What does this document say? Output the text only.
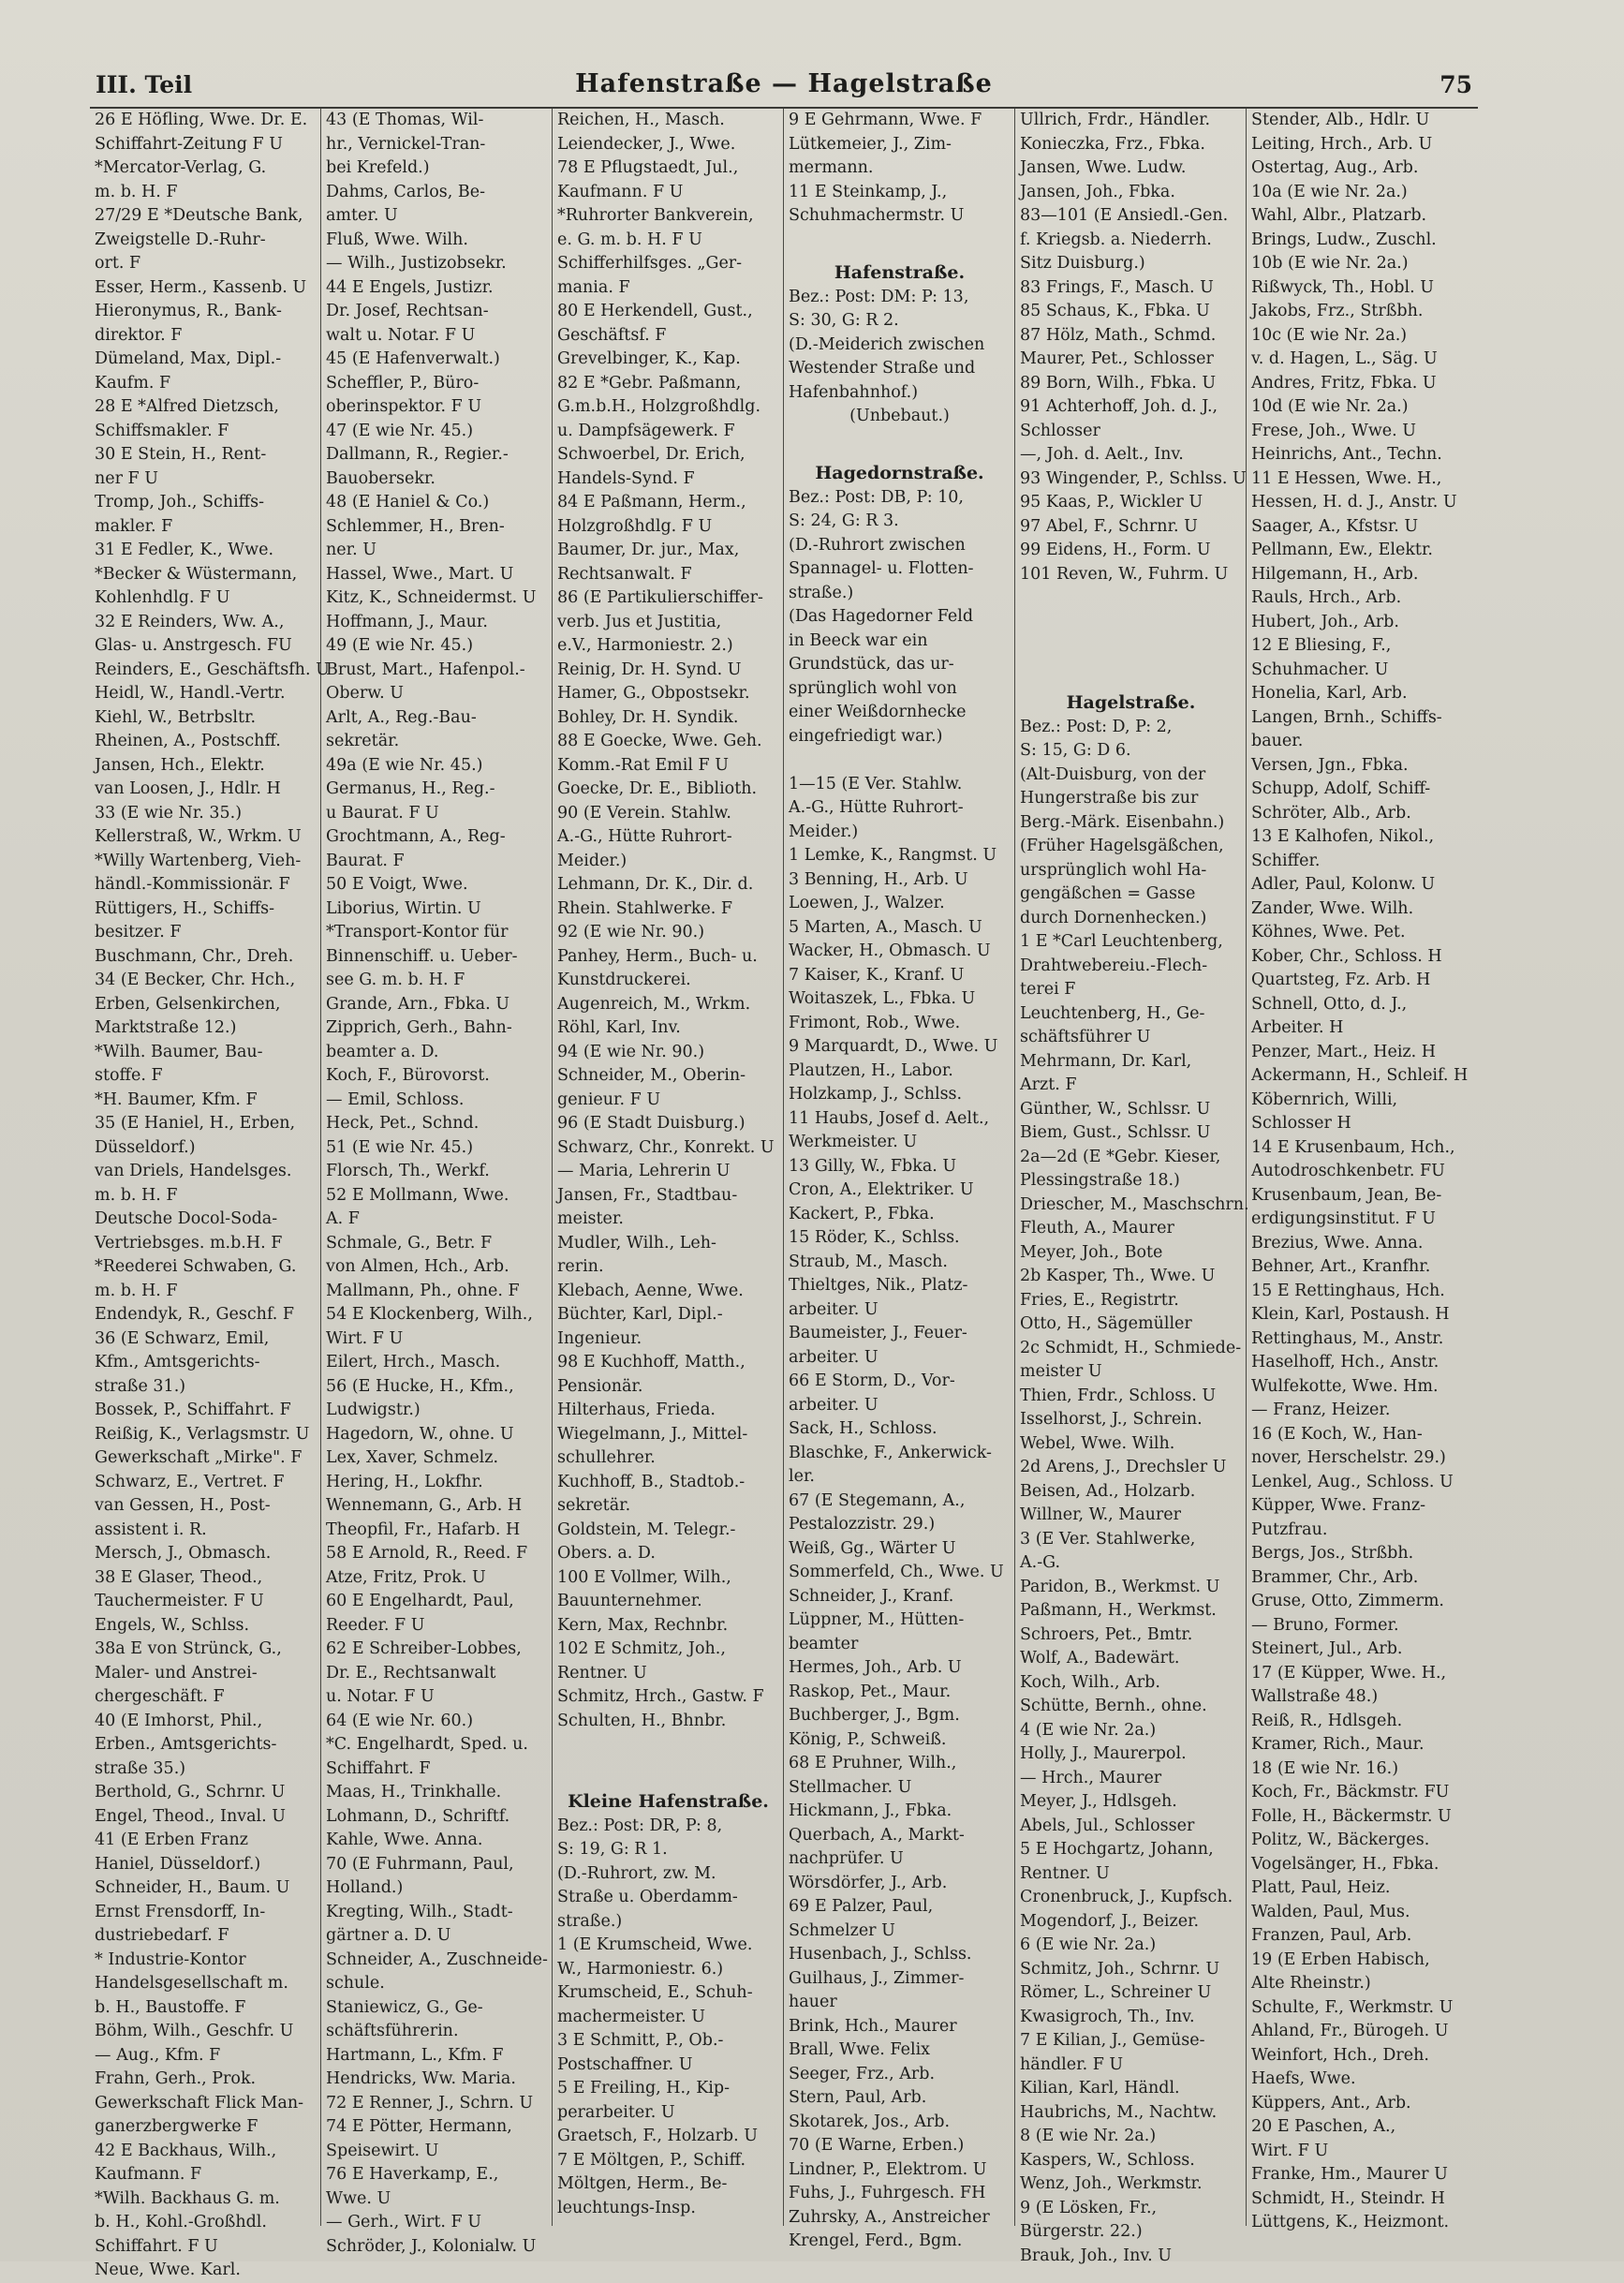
III. Teil	Hafenstraße — Hagelstraße	75
26 E Höfling, Wwe. Dr. E.
Schiffahrt-Zeitung F U
*Mercator-Verlag, G.
m. b. H. F
27/29 E *Deutsche Bank,
Zweigstelle D.-Ruhr-
ort. F
Esser, Herm., Kassenb. U
Hieronymus, R., Bank-
direktor. F
Dümeland, Max, Dipl.-
Kaufm. F
28 E *Alfred Dietzsch,
Schiffsmakler. F
30 E Stein, H., Rent-
ner F U
Tromp, Joh., Schiffs-
makler. F
31 E Fedler, K., Wwe.
*Becker & Wüstermann,
Kohlenhdlg. F U
32 E Reinders, Ww. A.,
Glas- u. Anstrgesch. FU
Reinders, E., Geschäftsfh. U
Heidl, W., Handl.-Vertr.
Kiehl, W., Betrbsltr.
Rheinen, A., Postschff.
Jansen, Hch., Elektr.
van Loosen, J., Hdlr. H
33 (E wie Nr. 35.)
Kellerstraß, W., Wrkm. U
*Willy Wartenberg, Vieh-
händl.-Kommissionär. F
Rüttigers, H., Schiffs-
besitzer. F
Buschmann, Chr., Dreh.
34 (E Becker, Chr. Hch.,
Erben, Gelsenkirchen,
Marktstraße 12.)
*Wilh. Baumer, Bau-
stoffe. F
*H. Baumer, Kfm. F
35 (E Haniel, H., Erben,
Düsseldorf.)
van Driels, Handelsges.
m. b. H. F
Deutsche Docol-Soda-
Vertriebsges. m.b.H. F
*Reederei Schwaben, G.
m. b. H. F
Endendyk, R., Geschf. F
36 (E Schwarz, Emil,
Kfm., Amtsgerichts-
straße 31.)
Bossek, P., Schiffahrt. F
Reißig, K., Verlagsmstr. U
Gewerkschaft „Mirke". F
Schwarz, E., Vertret. F
van Gessen, H., Post-
assistent i. R.
Mersch, J., Obmasch.
38 E Glaser, Theod.,
Tauchermeister. F U
Engels, W., Schlss.
38a E von Strünck, G.,
Maler- und Anstrei-
chergeschäft. F
40 (E Imhorst, Phil.,
Erben., Amtsgerichts-
straße 35.)
Berthold, G., Schrnr. U
Engel, Theod., Inval. U
41 (E Erben Franz
Haniel, Düsseldorf.)
Schneider, H., Baum. U
Ernst Frensdorff, In-
dustriebedarf. F
* Industrie-Kontor
Handelsgesellschaft m.
b. H., Baustoffe. F
Böhm, Wilh., Geschfr. U
— Aug., Kfm. F
Frahn, Gerh., Prok.
Gewerkschaft Flick Man-
ganerzbergwerke F
42 E Backhaus, Wilh.,
Kaufmann. F
*Wilh. Backhaus G. m.
b. H., Kohl.-Großhdl.
Schiffahrt. F U
Neue, Wwe. Karl.
43 (E Thomas, Wil-
hr., Vernickel-Tran-
bei Krefeld.)
Dahms, Carlos, Be-
amter. U
Fluß, Wwe. Wilh.
— Wilh., Justizobsekr.
44 E Engels, Justizr.
Dr. Josef, Rechtsan-
walt u. Notar. F U
45 (E Hafenverwalt.)
Scheffler, P., Büro-
oberinspektor. F U
47 (E wie Nr. 45.)
Dallmann, R., Regier.-
Bauobersekr.
48 (E Haniel & Co.)
Schlemmer, H., Bren-
ner. U
Hassel, Wwe., Mart. U
Kitz, K., Schneidermst. U
Hoffmann, J., Maur.
49 (E wie Nr. 45.)
Brust, Mart., Hafenpol.-
Oberw. U
Arlt, A., Reg.-Bau-
sekretär.
49a (E wie Nr. 45.)
Germanus, H., Reg.-
u Baurat. F U
Grochtmann, A., Reg-
Baurat. F
50 E Voigt, Wwe.
Liborius, Wirtin. U
*Transport-Kontor für
Binnenschiff. u. Ueber-
see G. m. b. H. F
Grande, Arn., Fbka. U
Zipprich, Gerh., Bahn-
beamter a. D.
Koch, F., Bürovorst.
— Emil, Schloss.
Heck, Pet., Schnd.
51 (E wie Nr. 45.)
Florsch, Th., Werkf.
52 E Mollmann, Wwe.
A. F
Schmale, G., Betr. F
von Almen, Hch., Arb.
Mallmann, Ph., ohne. F
54 E Klockenberg, Wilh.,
Wirt. F U
Eilert, Hrch., Masch.
56 (E Hucke, H., Kfm.,
Ludwigstr.)
Hagedorn, W., ohne. U
Lex, Xaver, Schmelz.
Hering, H., Lokfhr.
Wennemann, G., Arb. H
Theopfil, Fr., Hafarb. H
58 E Arnold, R., Reed. F
Atze, Fritz, Prok. U
60 E Engelhardt, Paul,
Reeder. F U
62 E Schreiber-Lobbes,
Dr. E., Rechtsanwalt
u. Notar. F U
64 (E wie Nr. 60.)
*C. Engelhardt, Sped. u.
Schiffahrt. F
Maas, H., Trinkhalle.
Lohmann, D., Schriftf.
Kahle, Wwe. Anna.
70 (E Fuhrmann, Paul,
Holland.)
Kregting, Wilh., Stadt-
gärtner a. D. U
Schneider, A., Zuschneide-
schule.
Staniewicz, G., Ge-
schäftsführerin.
Hartmann, L., Kfm. F
Hendricks, Ww. Maria.
72 E Renner, J., Schrn. U
74 E Pötter, Hermann,
Speisewirt. U
76 E Haverkamp, E.,
Wwe. U
— Gerh., Wirt. F U
Schröder, J., Kolonialw. U
Reichen, H., Masch.
Leiendecker, J., Wwe.
78 E Pflugstaedt, Jul.,
Kaufmann. F U
*Ruhrorter Bankverein,
e. G. m. b. H. F U
Schifferhilfsges. „Ger-
mania. F
80 E Herkendell, Gust.,
Geschäftsf. F
Grevelbinger, K., Kap.
82 E *Gebr. Paßmann,
G.m.b.H., Holzgroßhdlg.
u. Dampfsägewerk. F
Schwoerbel, Dr. Erich,
Handels-Synd. F
84 E Paßmann, Herm.,
Holzgroßhdlg. F U
Baumer, Dr. jur., Max,
Rechtsanwalt. F
86 (E Partikulierschiffer-
verb. Jus et Justitia,
e.V., Harmoniestr. 2.)
Reinig, Dr. H. Synd. U
Hamer, G., Obpostsekr.
Bohley, Dr. H. Syndik.
88 E Goecke, Wwe. Geh.
Komm.-Rat Emil F U
Goecke, Dr. E., Biblioth.
90 (E Verein. Stahlw.
A.-G., Hütte Ruhrort-
Meider.)
Lehmann, Dr. K., Dir. d.
Rhein. Stahlwerke. F
92 (E wie Nr. 90.)
Panhey, Herm., Buch- u.
Kunstdruckerei.
Augenreich, M., Wrkm.
Röhl, Karl, Inv.
94 (E wie Nr. 90.)
Schneider, M., Oberin-
genieur. F U
96 (E Stadt Duisburg.)
Schwarz, Chr., Konrekt. U
— Maria, Lehrerin U
Jansen, Fr., Stadtbau-
meister.
Mudler, Wilh., Leh-
rerin.
Klebach, Aenne, Wwe.
Büchter, Karl, Dipl.-
Ingenieur.
98 E Kuchhoff, Matth.,
Pensionär.
Hilterhaus, Frieda.
Wiegelmann, J., Mittel-
schullehrer.
Kuchhoff, B., Stadtob.-
sekretär.
Goldstein, M. Telegr.-
Obers. a. D.
100 E Vollmer, Wilh.,
Bauunternehmer.
Kern, Max, Rechnbr.
102 E Schmitz, Joh.,
Rentner. U
Schmitz, Hrch., Gastw. F
Schulten, H., Bhnbr.
Kleine Hafenstraße.
Bez.: Post: DR, P: 8,
S: 19, G: R 1.
(D.-Ruhrort, zw. M.
Straße u. Oberdamm-
straße.)
1 (E Krumscheid, Wwe.
W., Harmoniestr. 6.)
Krumscheid, E., Schuh-
machermeister. U
3 E Schmitt, P., Ob.-
Postschaffner. U
5 E Freiling, H., Kip-
perarbeiter. U
Graetsch, F., Holzarb. U
7 E Möltgen, P., Schiff.
Möltgen, Herm., Be-
leuchtungs-Insp.
9 E Gehrmann, Wwe. F
Lütkemeier, J., Zim-
mermann.
11 E Steinkamp, J.,
Schuhmachermstr. U
Hafenstraße.
Bez.: Post: DM: P: 13,
S: 30, G: R 2.
(D.-Meiderich zwischen
Westender Straße und
Hafenbahnhof.)
(Unbebaut.)
Hagedornstraße.
Bez.: Post: DB, P: 10,
S: 24, G: R 3.
(D.-Ruhrort zwischen
Spannagel- u. Flotten-
straße.)
(Das Hagedorner Feld
in Beeck war ein
Grundstück, das ur-
sprünglich wohl von
einer Weißdornhecke
eingefriedigt war.)
1—15 (E Ver. Stahlw.
A.-G., Hütte Ruhrort-
Meider.)
1 Lemke, K., Rangmst. U
3 Benning, H., Arb. U
Loewen, J., Walzer.
5 Marten, A., Masch. U
Wacker, H., Obmasch. U
7 Kaiser, K., Kranf. U
Woitaszek, L., Fbka. U
Frimont, Rob., Wwe.
9 Marquardt, D., Wwe. U
Plautzen, H., Labor.
Holzkamp, J., Schlss.
11 Haubs, Josef d. Aelt.,
Werkmeister. U
13 Gilly, W., Fbka. U
Cron, A., Elektriker. U
Kackert, P., Fbka.
15 Röder, K., Schlss.
Straub, M., Masch.
Thieltges, Nik., Platz-
arbeiter. U
Baumeister, J., Feuer-
arbeiter. U
66 E Storm, D., Vor-
arbeiter. U
Sack, H., Schloss.
Blaschke, F., Ankerwick-
ler.
67 (E Stegemann, A.,
Pestalozzistr. 29.)
Weiß, Gg., Wärter U
Sommerfeld, Ch., Wwe. U
Schneider, J., Kranf.
Lüppner, M., Hütten-
beamter
Hermes, Joh., Arb. U
Raskop, Pet., Maur.
Buchberger, J., Bgm.
König, P., Schweiß.
68 E Pruhner, Wilh.,
Stellmacher. U
Hickmann, J., Fbka.
Querbach, A., Markt-
nachprüfer. U
Wörsdörfer, J., Arb.
69 E Palzer, Paul,
Schmelzer U
Husenbach, J., Schlss.
Guilhaus, J., Zimmer-
hauer
Brink, Hch., Maurer
Brall, Wwe. Felix
Seeger, Frz., Arb.
Stern, Paul, Arb.
Skotarek, Jos., Arb.
70 (E Warne, Erben.)
Lindner, P., Elektrom. U
Fuhs, J., Fuhrgesch. FH
Zuhrsky, A., Anstreicher
Krengel, Ferd., Bgm.
Ullrich, Frdr., Händler.
Konieczka, Frz., Fbka.
Jansen, Wwe. Ludw.
Jansen, Joh., Fbka.
83—101 (E Ansiedl.-Gen.
f. Kriegsb. a. Niederrh.
Sitz Duisburg.)
83 Frings, F., Masch. U
85 Schaus, K., Fbka. U
87 Hölz, Math., Schmd.
Maurer, Pet., Schlosser
89 Born, Wilh., Fbka. U
91 Achterhoff, Joh. d. J.,
Schlosser
—, Joh. d. Aelt., Inv.
93 Wingender, P., Schlss. U
95 Kaas, P., Wickler U
97 Abel, F., Schrnr. U
99 Eidens, H., Form. U
101 Reven, W., Fuhrm. U
Hagelstraße.
Bez.: Post: D, P: 2,
S: 15, G: D 6.
(Alt-Duisburg, von der
Hungerstraße bis zur
Berg.-Märk. Eisenbahn.)
(Früher Hagelsgäßchen,
ursprünglich wohl Ha-
gengäßchen = Gasse
durch Dornenhecken.)
1 E *Carl Leuchtenberg,
Drahtwebereiu.-Flech-
terei F
Leuchtenberg, H., Ge-
schäftsführer U
Mehrmann, Dr. Karl,
Arzt. F
Günther, W., Schlssr. U
Biem, Gust., Schlssr. U
2a—2d (E *Gebr. Kieser,
Plessingstraße 18.)
Driescher, M., Maschschrn.
Fleuth, A., Maurer
Meyer, Joh., Bote
2b Kasper, Th., Wwe. U
Fries, E., Registrtr.
Otto, H., Sägemüller
2c Schmidt, H., Schmiede-
meister U
Thien, Frdr., Schloss. U
Isselhorst, J., Schrein.
Webel, Wwe. Wilh.
2d Arens, J., Drechsler U
Beisen, Ad., Holzarb.
Willner, W., Maurer
3 (E Ver. Stahlwerke,
A.-G.
Paridon, B., Werkmst. U
Paßmann, H., Werkmst.
Schroers, Pet., Bmtr.
Wolf, A., Badewärt.
Koch, Wilh., Arb.
Schütte, Bernh., ohne.
4 (E wie Nr. 2a.)
Holly, J., Maurerpol.
— Hrch., Maurer
Meyer, J., Hdlsgeh.
Abels, Jul., Schlosser
5 E Hochgartz, Johann,
Rentner. U
Cronenbruck, J., Kupfsch.
Mogendorf, J., Beizer.
6 (E wie Nr. 2a.)
Schmitz, Joh., Schrnr. U
Römer, L., Schreiner U
Kwasigroch, Th., Inv.
7 E Kilian, J., Gemüse-
händler. F U
Kilian, Karl, Händl.
Haubrichs, M., Nachtw.
8 (E wie Nr. 2a.)
Kaspers, W., Schloss.
Wenz, Joh., Werkmstr.
9 (E Lösken, Fr.,
Bürgerstr. 22.)
Brauk, Joh., Inv. U
Stender, Alb., Hdlr. U
Leiting, Hrch., Arb. U
Ostertag, Aug., Arb.
10a (E wie Nr. 2a.)
Wahl, Albr., Platzarb.
Brings, Ludw., Zuschl.
10b (E wie Nr. 2a.)
Rißwyck, Th., Hobl. U
Jakobs, Frz., Strßbh.
10c (E wie Nr. 2a.)
v. d. Hagen, L., Säg. U
Andres, Fritz, Fbka. U
10d (E wie Nr. 2a.)
Frese, Joh., Wwe. U
Heinrichs, Ant., Techn.
11 E Hessen, Wwe. H.,
Hessen, H. d. J., Anstr. U
Saager, A., Kfstsr. U
Pellmann, Ew., Elektr.
Hilgemann, H., Arb.
Rauls, Hrch., Arb.
Hubert, Joh., Arb.
12 E Bliesing, F.,
Schuhmacher. U
Honelia, Karl, Arb.
Langen, Brnh., Schiffs-
bauer.
Versen, Jgn., Fbka.
Schupp, Adolf, Schiff-
Schröter, Alb., Arb.
13 E Kalhofen, Nikol.,
Schiffer.
Adler, Paul, Kolonw. U
Zander, Wwe. Wilh.
Köhnes, Wwe. Pet.
Kober, Chr., Schloss. H
Quartsteg, Fz. Arb. H
Schnell, Otto, d. J.,
Arbeiter. H
Penzer, Mart., Heiz. H
Ackermann, H., Schleif. H
Köbernrich, Willi,
Schlosser H
14 E Krusenbaum, Hch.,
Autodroschkenbetr. FU
Krusenbaum, Jean, Be-
erdigungsinstitut. F U
Brezius, Wwe. Anna.
Behner, Art., Kranfhr.
15 E Rettinghaus, Hch.
Klein, Karl, Postaush. H
Rettinghaus, M., Anstr.
Haselhoff, Hch., Anstr.
Wulfekotte, Wwe. Hm.
— Franz, Heizer.
16 (E Koch, W., Han-
nover, Herschelstr. 29.)
Lenkel, Aug., Schloss. U
Küpper, Wwe. Franz-
Putzfrau.
Bergs, Jos., Strßbh.
Brammer, Chr., Arb.
Gruse, Otto, Zimmerm.
— Bruno, Former.
Steinert, Jul., Arb.
17 (E Küpper, Wwe. H.,
Wallstraße 48.)
Reiß, R., Hdlsgeh.
Kramer, Rich., Maur.
18 (E wie Nr. 16.)
Koch, Fr., Bäckmstr. FU
Folle, H., Bäckermstr. U
Politz, W., Bäckerges.
Vogelsänger, H., Fbka.
Platt, Paul, Heiz.
Walden, Paul, Mus.
Franzen, Paul, Arb.
19 (E Erben Habisch,
Alte Rheinstr.)
Schulte, F., Werkmstr. U
Ahland, Fr., Bürogeh. U
Weinfort, Hch., Dreh.
Haefs, Wwe.
Küppers, Ant., Arb.
20 E Paschen, A.,
Wirt. F U
Franke, Hm., Maurer U
Schmidt, H., Steindr. H
Lüttgens, K., Heizmont.
